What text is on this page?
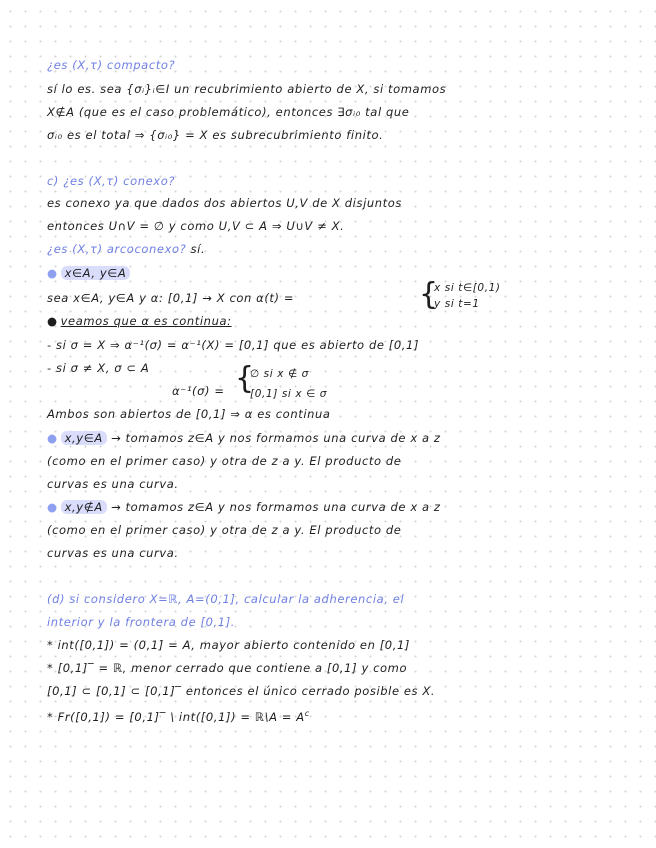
¿es (X,τ) compacto?
sí lo es. sea {σᵢ}ᵢ∈I un recubrimiento abierto de X, si tomamos
X∉A (que es el caso problemático), entonces ∃σᵢ₀ tal que
σᵢ₀ es el total ⇒ {σᵢ₀} = X es subrecubrimiento finito.
c) ¿es (X,τ) conexo?
es conexo ya que dados dos abiertos U,V de X disjuntos
entonces U∩V = ∅ y como U,V ⊂ A ⇒ U∪V ≠ X.
¿es (X,τ) arcoconexo? sí.
● x∈A, y∈A
sea x∈A, y∈A y α: [0,1] → X con α(t) =	{
x si t∈[0,1)
y si t=1
● veamos que α es continua:
- si σ = X ⇒ α⁻¹(σ) = α⁻¹(X) = [0,1] que es abierto de [0,1]
- si σ ≠ X, σ ⊂ A
α⁻¹(σ) = {
∅ si x ∉ σ
[0,1] si x ∈ σ
Ambos son abiertos de [0,1] ⇒ α es continua
● x,y∈A → tomamos z∈A y nos formamos una curva de x a z
(como en el primer caso) y otra de z a y. El producto de
curvas es una curva.
● x,y∉A → tomamos z∈A y nos formamos una curva de x a z
(como en el primer caso) y otra de z a y. El producto de
curvas es una curva.
(d) si considero X=ℝ, A=(0,1], calcular la adherencia, el
interior y la frontera de [0,1].
* int([0,1]) = (0,1] = A, mayor abierto contenido en [0,1]
* [0,1]‾ = ℝ, menor cerrado que contiene a [0,1] y como
[0,1] ⊂ [0,1] ⊂ [0,1]‾ entonces el único cerrado posible es X.
* Fr([0,1]) = [0,1]‾ \ int([0,1]) = ℝ\A = $A^c$
